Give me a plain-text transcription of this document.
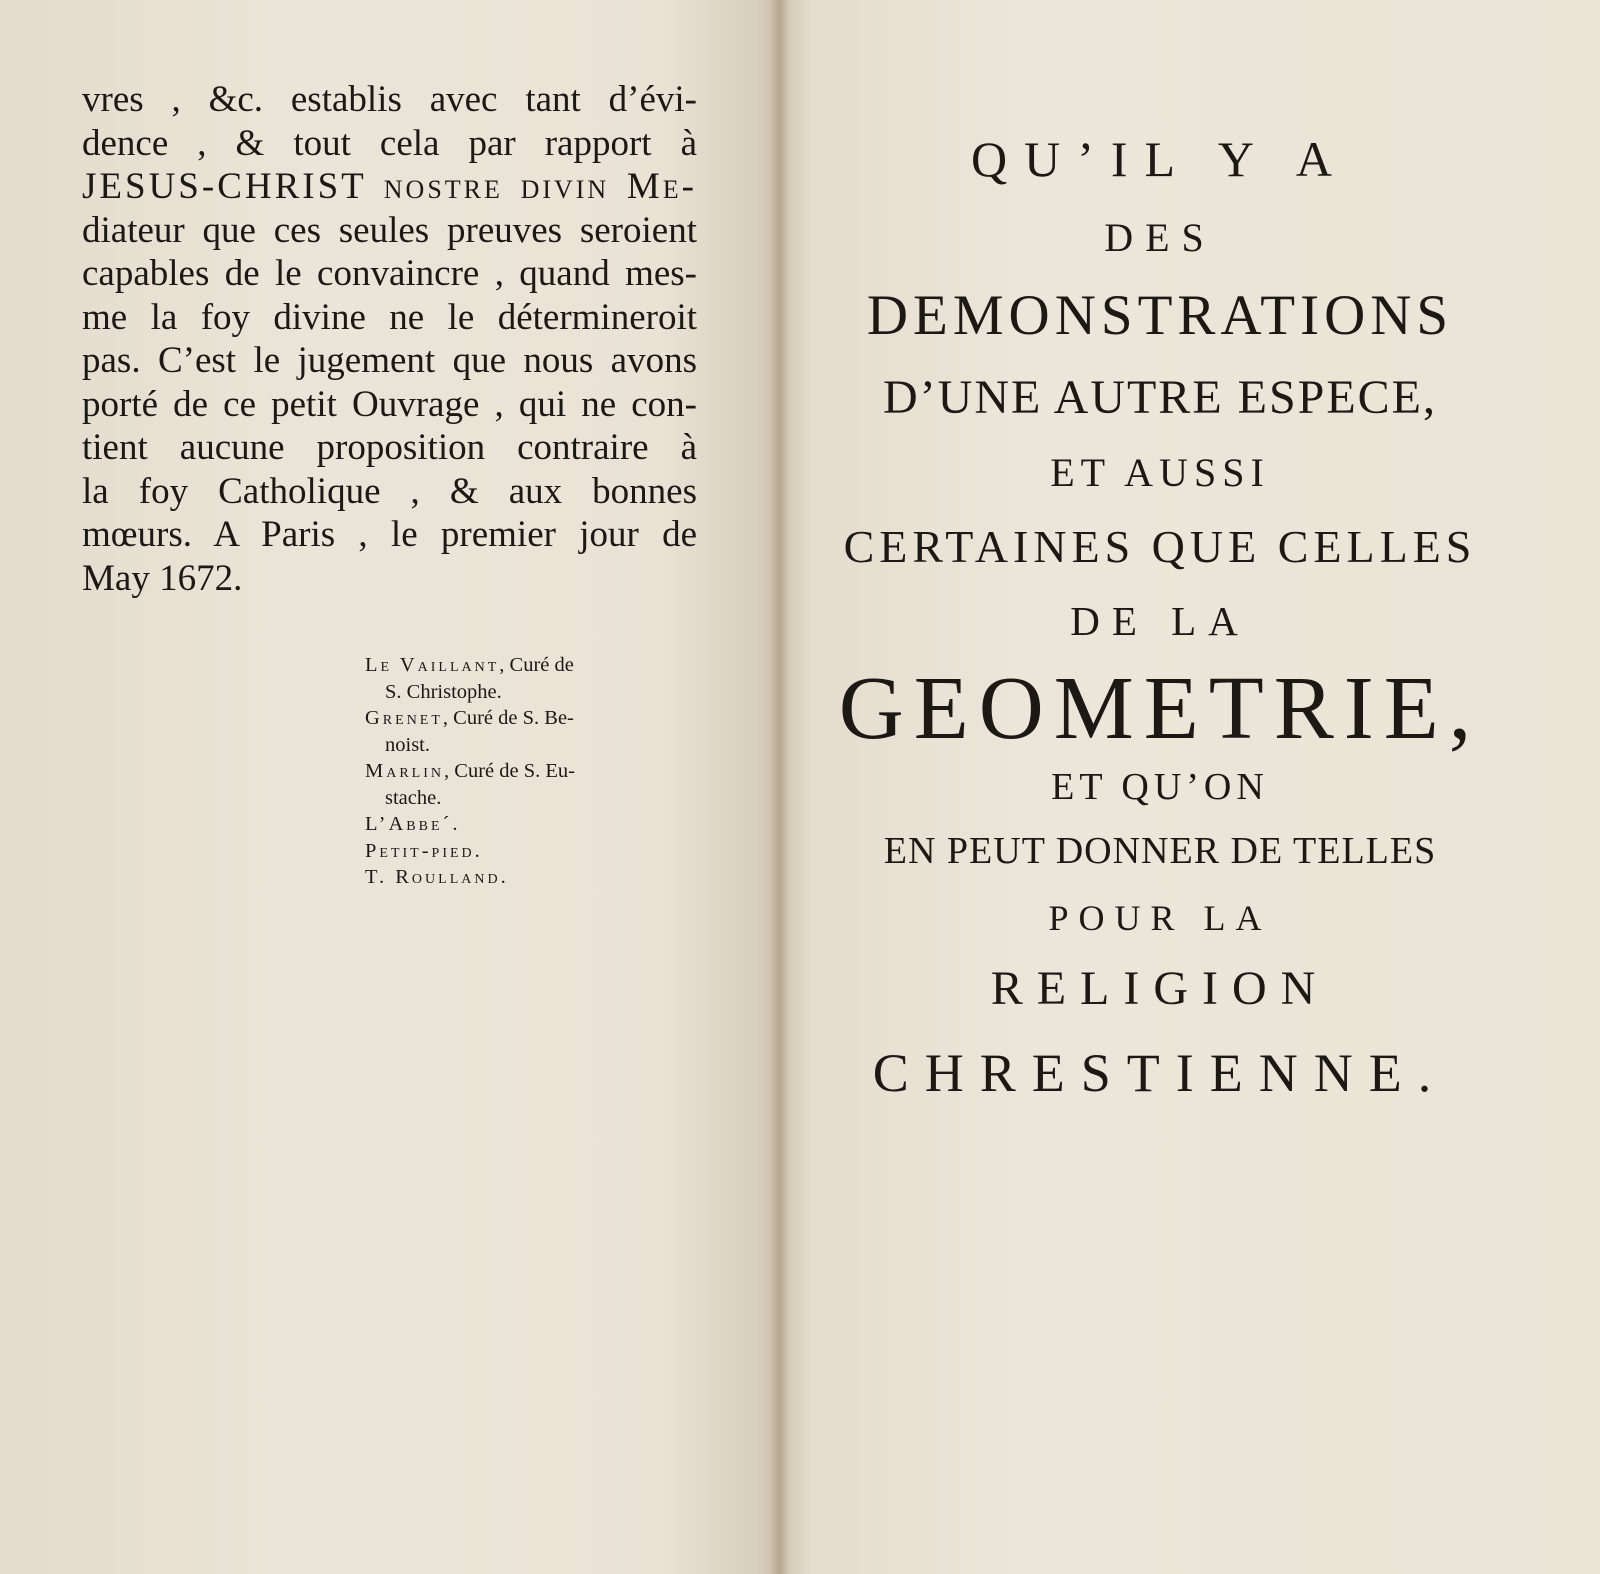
vres , &c. establis avec tant d’évi-
dence , & tout cela par rapport à
JESUS-CHRIST nostre divin Me-
diateur que ces seules preuves seroient
capables de le convaincre , quand mes-
me la foy divine ne le détermineroit
pas. C’est le jugement que nous avons
porté de ce petit Ouvrage , qui ne con-
tient aucune proposition contraire à
la foy Catholique , & aux bonnes
mœurs. A Paris , le premier jour de
May 1672.
Le Vaillant, Curé de
S. Christophe.
Grenet, Curé de S. Be-
noist.
Marlin, Curé de S. Eu-
stache.
L’Abbe´.
Petit-pied.
T. Roulland.
QU’IL Y A
DES
DEMONSTRATIONS
D’UNE AUTRE ESPECE,
ET AUSSI
CERTAINES QUE CELLES
DE LA
GEOMETRIE,
ET QU’ON
EN PEUT DONNER DE TELLES
POUR LA
RELIGION
CHRESTIENNE.
